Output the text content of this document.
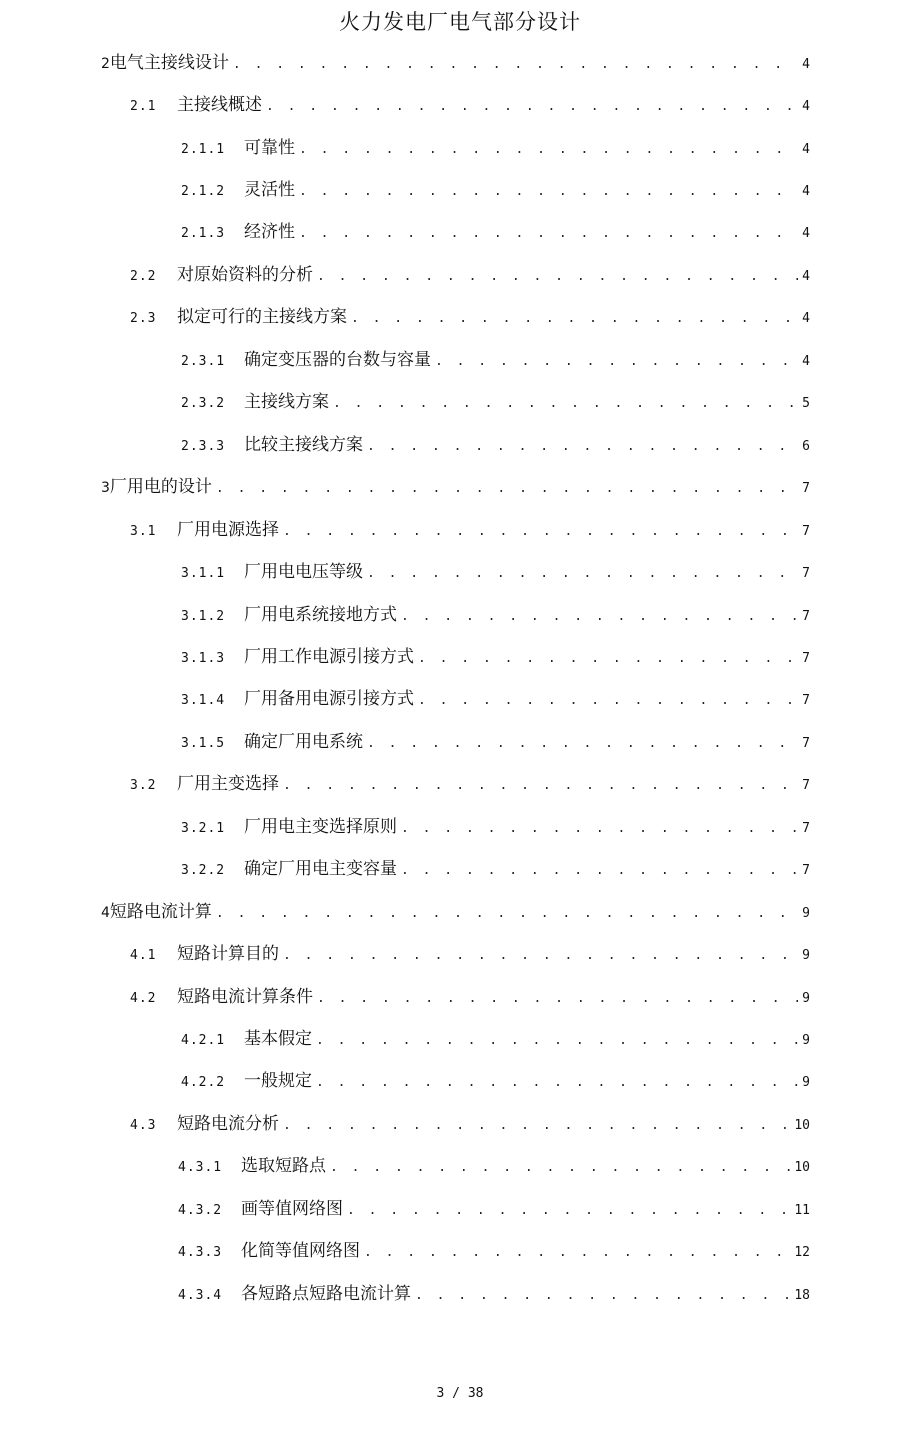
火力发电厂电气部分设计
2 电气主接线设计 . . .	4
2.1	主接线概述 . . .	4
2.1.1	可靠性 . . .	4
2.1.2	灵活性 . . .	4
2.1.3	经济性 . . .	4
2.2	对原始资料的分析 . . .	4
2.3	拟定可行的主接线方案 . . .	4
2.3.1	确定变压器的台数与容量 . . .	4
2.3.2	主接线方案 . . .	5
2.3.3	比较主接线方案 . . .	6
3 厂用电的设计 . . .	7
3.1	厂用电源选择 . . .	7
3.1.1	厂用电电压等级 . . .	7
3.1.2	厂用电系统接地方式 . . .	7
3.1.3	厂用工作电源引接方式 . . .	7
3.1.4	厂用备用电源引接方式 . . .	7
3.1.5	确定厂用电系统 . . .	7
3.2	厂用主变选择 . . .	7
3.2.1	厂用电主变选择原则 . . .	7
3.2.2	确定厂用电主变容量 . . .	7
4 短路电流计算 . . .	9
4.1	短路计算目的 . . .	9
4.2	短路电流计算条件 . . .	9
4.2.1	基本假定 . . .	9
4.2.2	一般规定 . . .	9
4.3	短路电流分析 . . .	10
4.3.1	选取短路点 . . .	10
4.3.2	画等值网络图 . . .	11
4.3.3	化简等值网络图 . . .	12
4.3.4	各短路点短路电流计算 . . .	18
3 / 38
